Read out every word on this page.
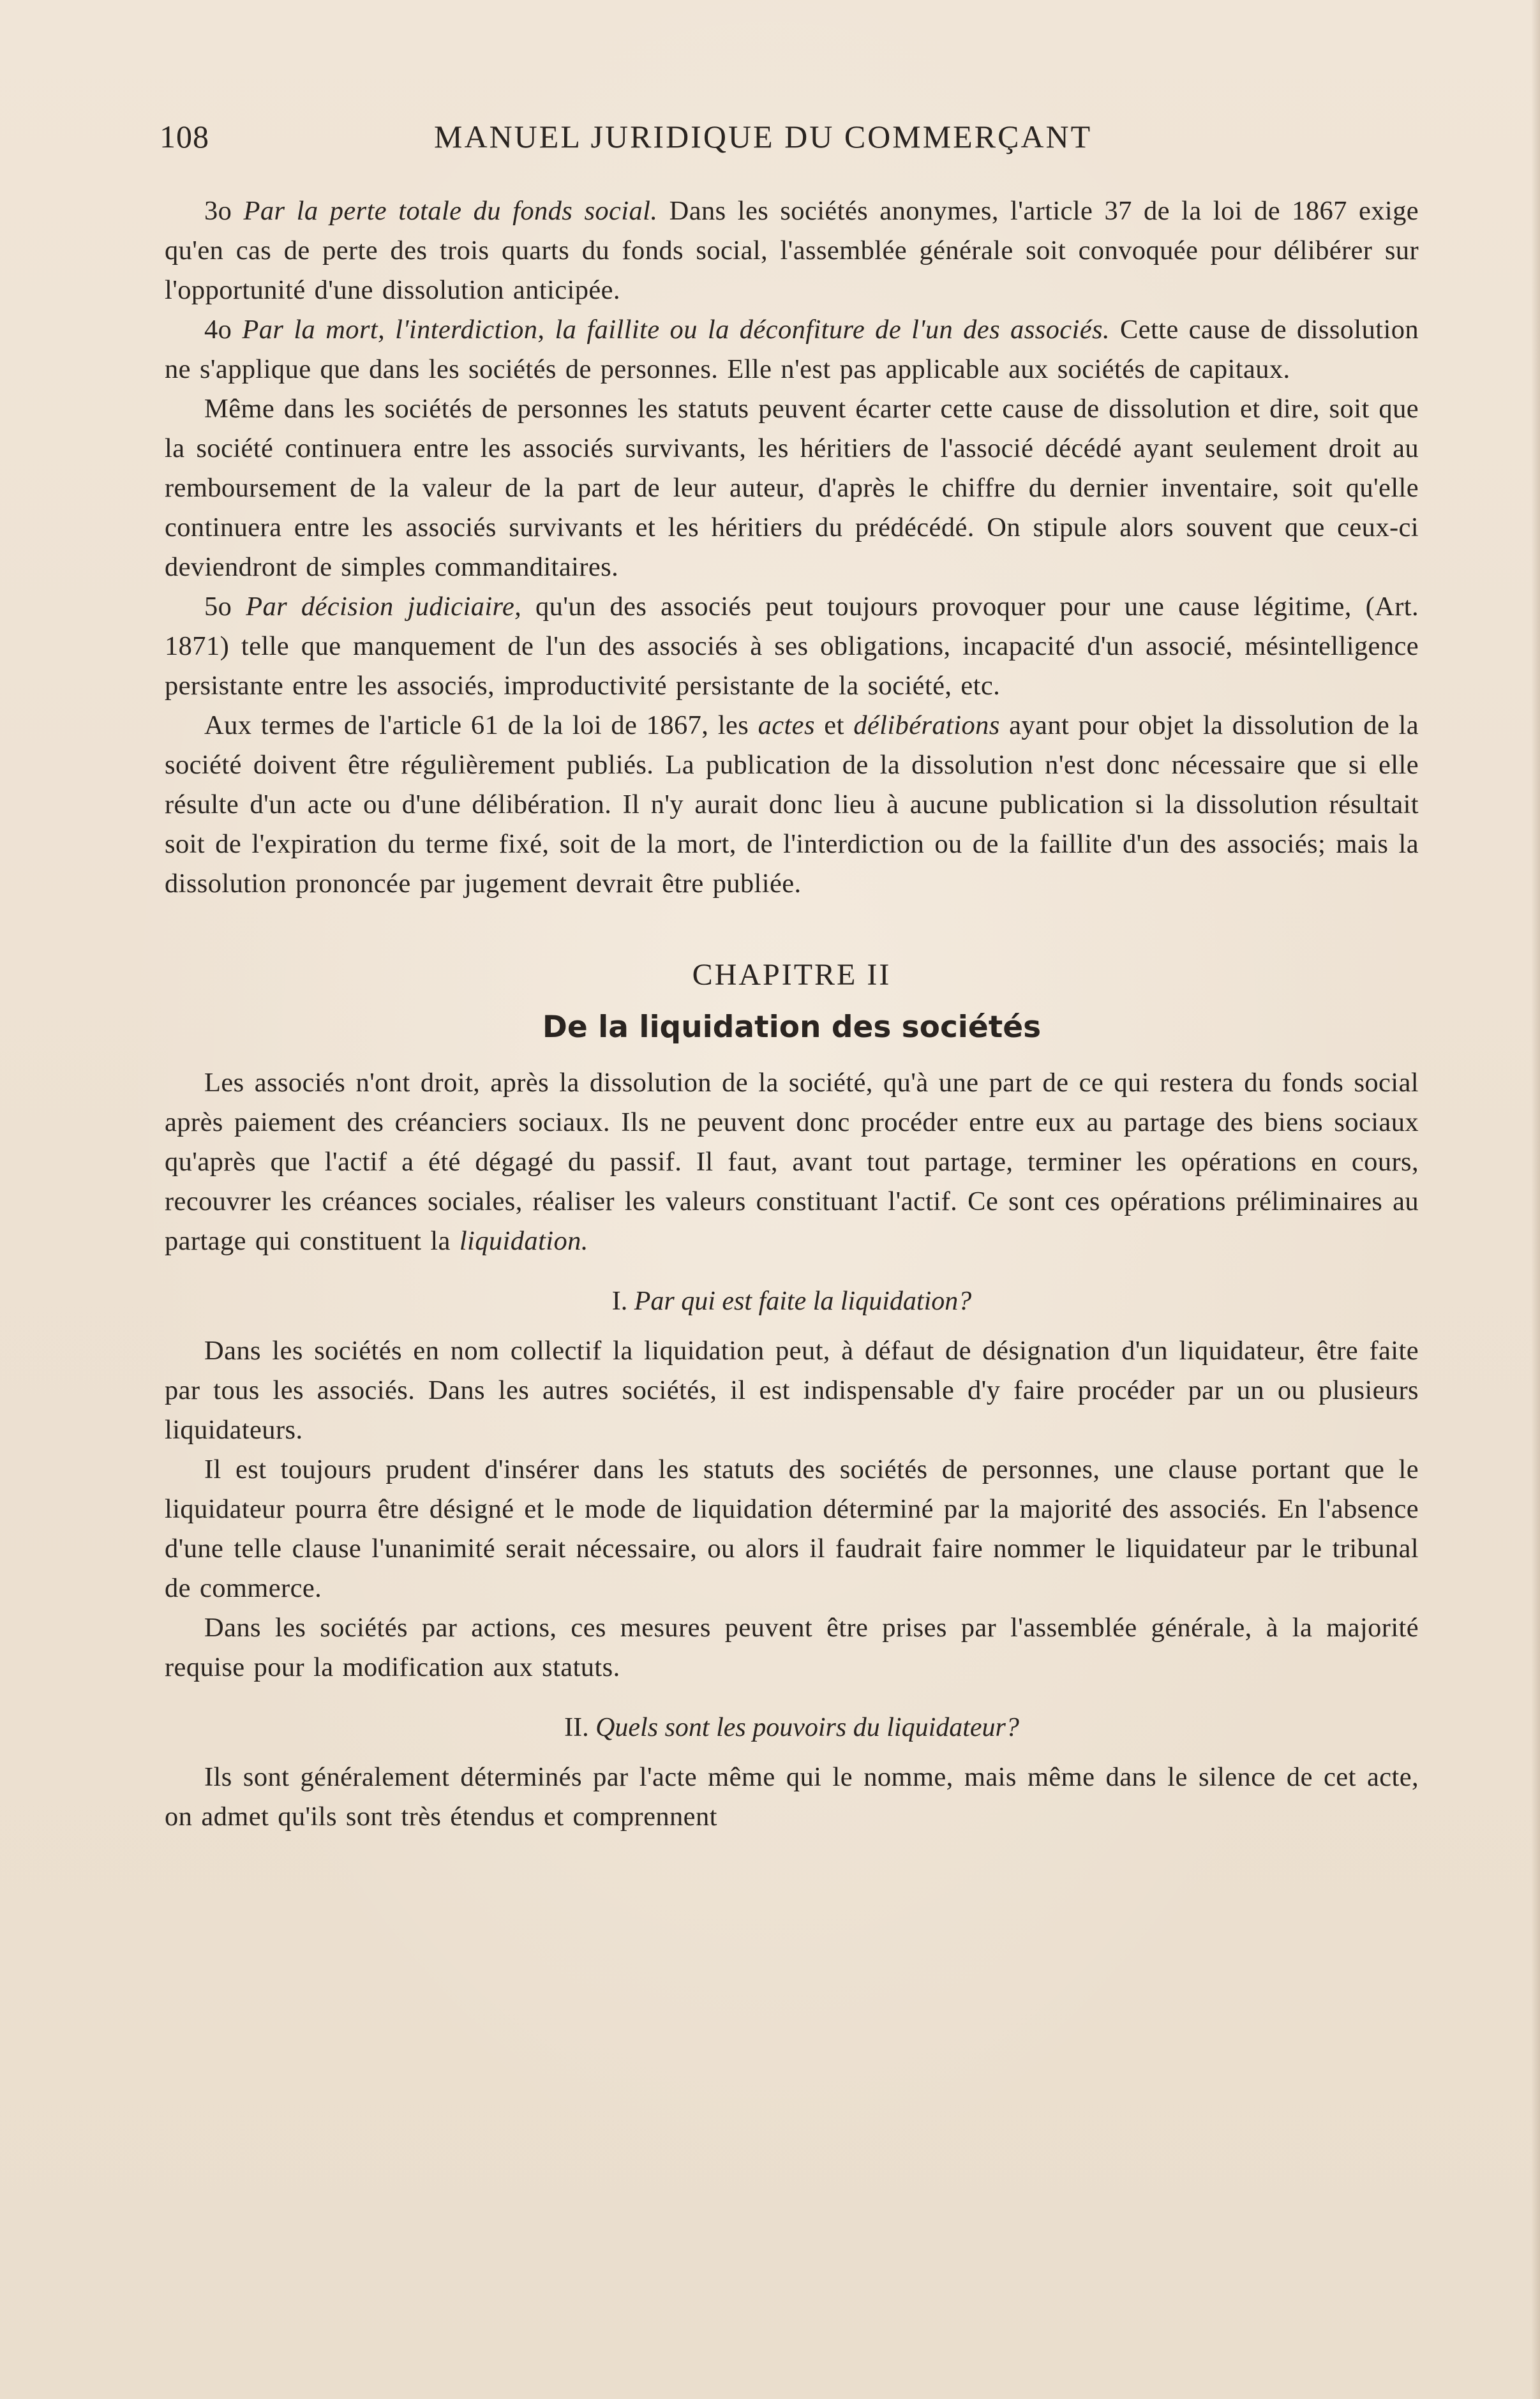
108	MANUEL JURIDIQUE DU COMMERÇANT

3o Par la perte totale du fonds social. Dans les sociétés anonymes, l'article 37 de la loi de 1867 exige qu'en cas de perte des trois quarts du fonds social, l'assemblée générale soit convoquée pour délibérer sur l'opportunité d'une dissolution anticipée.

4o Par la mort, l'interdiction, la faillite ou la déconfiture de l'un des associés. Cette cause de dissolution ne s'applique que dans les sociétés de personnes. Elle n'est pas applicable aux sociétés de capitaux.

Même dans les sociétés de personnes les statuts peuvent écarter cette cause de dissolution et dire, soit que la société continuera entre les associés survivants, les héritiers de l'associé décédé ayant seulement droit au remboursement de la valeur de la part de leur auteur, d'après le chiffre du dernier inventaire, soit qu'elle continuera entre les associés survivants et les héritiers du prédécédé. On stipule alors souvent que ceux-ci deviendront de simples commanditaires.

5o Par décision judiciaire, qu'un des associés peut toujours provoquer pour une cause légitime, (Art. 1871) telle que manquement de l'un des associés à ses obligations, incapacité d'un associé, mésintelligence persistante entre les associés, improductivité persistante de la société, etc.

Aux termes de l'article 61 de la loi de 1867, les actes et délibérations ayant pour objet la dissolution de la société doivent être régulièrement publiés. La publication de la dissolution n'est donc nécessaire que si elle résulte d'un acte ou d'une délibération. Il n'y aurait donc lieu à aucune publication si la dissolution résultait soit de l'expiration du terme fixé, soit de la mort, de l'interdiction ou de la faillite d'un des associés; mais la dissolution prononcée par jugement devrait être publiée.

CHAPITRE II
De la liquidation des sociétés

Les associés n'ont droit, après la dissolution de la société, qu'à une part de ce qui restera du fonds social après paiement des créanciers sociaux. Ils ne peuvent donc procéder entre eux au partage des biens sociaux qu'après que l'actif a été dégagé du passif. Il faut, avant tout partage, terminer les opérations en cours, recouvrer les créances sociales, réaliser les valeurs constituant l'actif. Ce sont ces opérations préliminaires au partage qui constituent la liquidation.

I. Par qui est faite la liquidation?

Dans les sociétés en nom collectif la liquidation peut, à défaut de désignation d'un liquidateur, être faite par tous les associés. Dans les autres sociétés, il est indispensable d'y faire procéder par un ou plusieurs liquidateurs.

Il est toujours prudent d'insérer dans les statuts des sociétés de personnes, une clause portant que le liquidateur pourra être désigné et le mode de liquidation déterminé par la majorité des associés. En l'absence d'une telle clause l'unanimité serait nécessaire, ou alors il faudrait faire nommer le liquidateur par le tribunal de commerce.

Dans les sociétés par actions, ces mesures peuvent être prises par l'assemblée générale, à la majorité requise pour la modification aux statuts.

II. Quels sont les pouvoirs du liquidateur?

Ils sont généralement déterminés par l'acte même qui le nomme, mais même dans le silence de cet acte, on admet qu'ils sont très étendus et comprennent
